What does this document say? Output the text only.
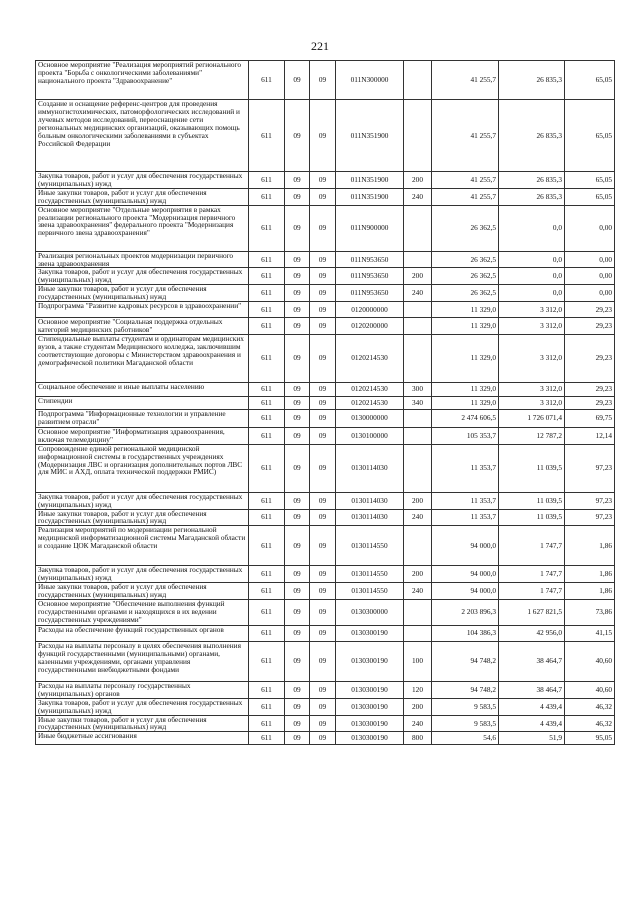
221
Основное мероприятие "Реализация мероприятий регионального проекта "Борьба с онкологическими заболеваниями" национального проекта "Здравоохранение"	611	09	09	011N300000		41 255,7	26 835,3	65,05
Создание и оснащение референс-центров для проведения иммуногистохимических, патоморфологических исследований и лучевых методов исследований, переоснащение сети региональных медицинских организаций, оказывающих помощь больным онкологическими заболеваниями в субъектах Российской Федерации	611	09	09	011N351900		41 255,7	26 835,3	65,05
Закупка товаров, работ и услуг для обеспечения государственных (муниципальных) нужд	611	09	09	011N351900	200	41 255,7	26 835,3	65,05
Иные закупки товаров, работ и услуг для обеспечения государственных (муниципальных) нужд	611	09	09	011N351900	240	41 255,7	26 835,3	65,05
Основное мероприятие "Отдельные мероприятия в рамках реализации регионального проекта "Модернизация первичного звена здравоохранения" федерального проекта "Модернизация первичного звена здравоохранения"	611	09	09	011N900000		26 362,5	0,0	0,00
Реализация региональных проектов модернизации первичного звена здравоохранения	611	09	09	011N953650		26 362,5	0,0	0,00
Закупка товаров, работ и услуг для обеспечения государственных (муниципальных) нужд	611	09	09	011N953650	200	26 362,5	0,0	0,00
Иные закупки товаров, работ и услуг для обеспечения государственных (муниципальных) нужд	611	09	09	011N953650	240	26 362,5	0,0	0,00
Подпрограмма "Развитие кадровых ресурсов в здравоохранении"	611	09	09	0120000000		11 329,0	3 312,0	29,23
Основное мероприятие "Социальная поддержка отдельных категорий медицинских работников"	611	09	09	0120200000		11 329,0	3 312,0	29,23
Стипендиальные выплаты студентам и ординаторам медицинских вузов, а также студентам Медицинского колледжа, заключившим соответствующие договоры с Министерством здравоохранения и демографической политики Магаданской области	611	09	09	0120214530		11 329,0	3 312,0	29,23
Социальное обеспечение и иные выплаты населению	611	09	09	0120214530	300	11 329,0	3 312,0	29,23
Стипендии	611	09	09	0120214530	340	11 329,0	3 312,0	29,23
Подпрограмма "Информационные технологии и управление развитием отрасли"	611	09	09	0130000000		2 474 606,5	1 726 071,4	69,75
Основное мероприятие "Информатизация здравоохранения, включая телемедицину"	611	09	09	0130100000		105 353,7	12 787,2	12,14
Сопровождение единой региональной медицинской информационной системы в государственных учреждениях (Модернизация ЛВС и организация дополнительных портов ЛВС для МИС и АХД, оплата технической поддержки РМИС)	611	09	09	0130114030		11 353,7	11 039,5	97,23
Закупка товаров, работ и услуг для обеспечения государственных (муниципальных) нужд	611	09	09	0130114030	200	11 353,7	11 039,5	97,23
Иные закупки товаров, работ и услуг для обеспечения государственных (муниципальных) нужд	611	09	09	0130114030	240	11 353,7	11 039,5	97,23
Реализация мероприятий по модернизации региональной медицинской информатизационной системы Магаданской области и создание ЦОК Магаданской области	611	09	09	0130114550		94 000,0	1 747,7	1,86
Закупка товаров, работ и услуг для обеспечения государственных (муниципальных) нужд	611	09	09	0130114550	200	94 000,0	1 747,7	1,86
Иные закупки товаров, работ и услуг для обеспечения государственных (муниципальных) нужд	611	09	09	0130114550	240	94 000,0	1 747,7	1,86
Основное мероприятие "Обеспечение выполнения функций государственными органами и находящихся в их ведении государственных учреждениями"	611	09	09	0130300000		2 203 896,3	1 627 821,5	73,86
Расходы на обеспечение функций государственных органов	611	09	09	0130300190		104 386,3	42 956,0	41,15
Расходы на выплаты персоналу в целях обеспечения выполнения функций государственными (муниципальными) органами, казенными учреждениями, органами управления государственными внебюджетными фондами	611	09	09	0130300190	100	94 748,2	38 464,7	40,60
Расходы на выплаты персоналу государственных (муниципальных) органов	611	09	09	0130300190	120	94 748,2	38 464,7	40,60
Закупка товаров, работ и услуг для обеспечения государственных (муниципальных) нужд	611	09	09	0130300190	200	9 583,5	4 439,4	46,32
Иные закупки товаров, работ и услуг для обеспечения государственных (муниципальных) нужд	611	09	09	0130300190	240	9 583,5	4 439,4	46,32
Иные бюджетные ассигнования	611	09	09	0130300190	800	54,6	51,9	95,05
